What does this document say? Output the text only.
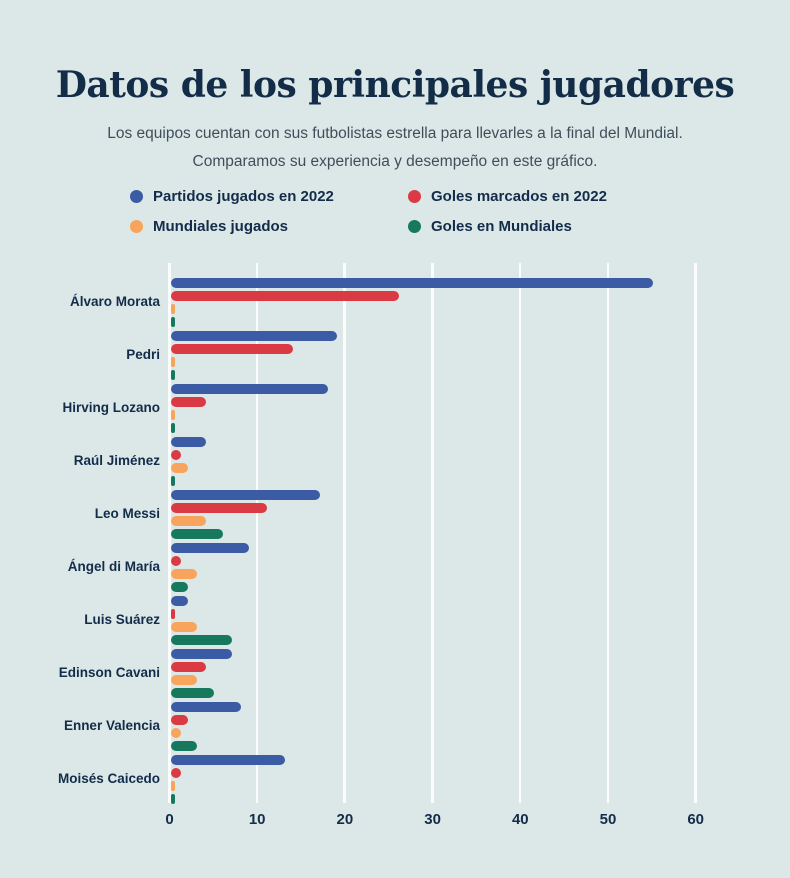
Datos de los principales jugadores

Los equipos cuentan con sus futbolistas estrella para llevarles a la final del Mundial. Comparamos su experiencia y desempeño en este gráfico.

Partidos jugados en 2022	Goles marcados en 2022
Mundiales jugados	Goles en Mundiales
0	10	20	30	40	50	60
Álvaro Morata
Pedri
Hirving Lozano
Raúl Jiménez
Leo Messi
Ángel di María
Luis Suárez
Edinson Cavani
Enner Valencia
Moisés Caicedo
